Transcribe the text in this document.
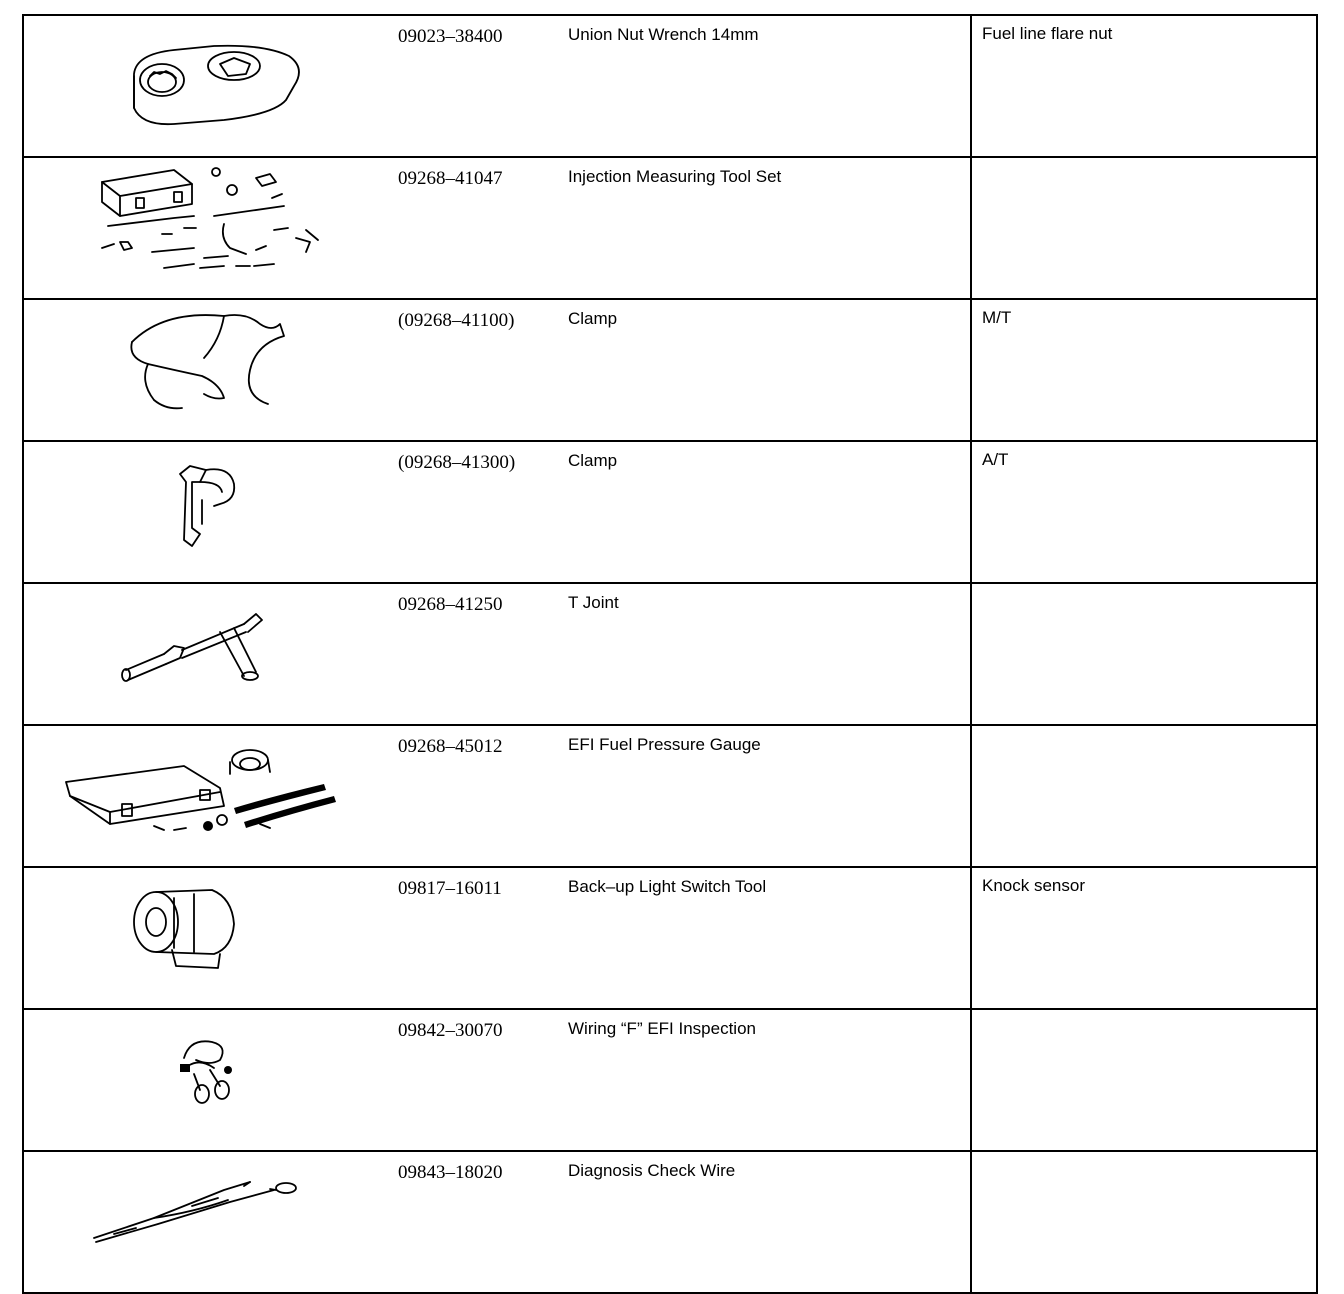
09023–38400 Union Nut Wrench 14mm	Fuel line flare nut

09268–41047 Injection Measuring Tool Set	

(09268–41100) Clamp	M/T

(09268–41300) Clamp	A/T

09268–41250 T Joint	

09268–45012 EFI Fuel Pressure Gauge	

09817–16011 Back–up Light Switch Tool	Knock sensor

09842–30070 Wiring “F” EFI Inspection	

09843–18020 Diagnosis Check Wire	
